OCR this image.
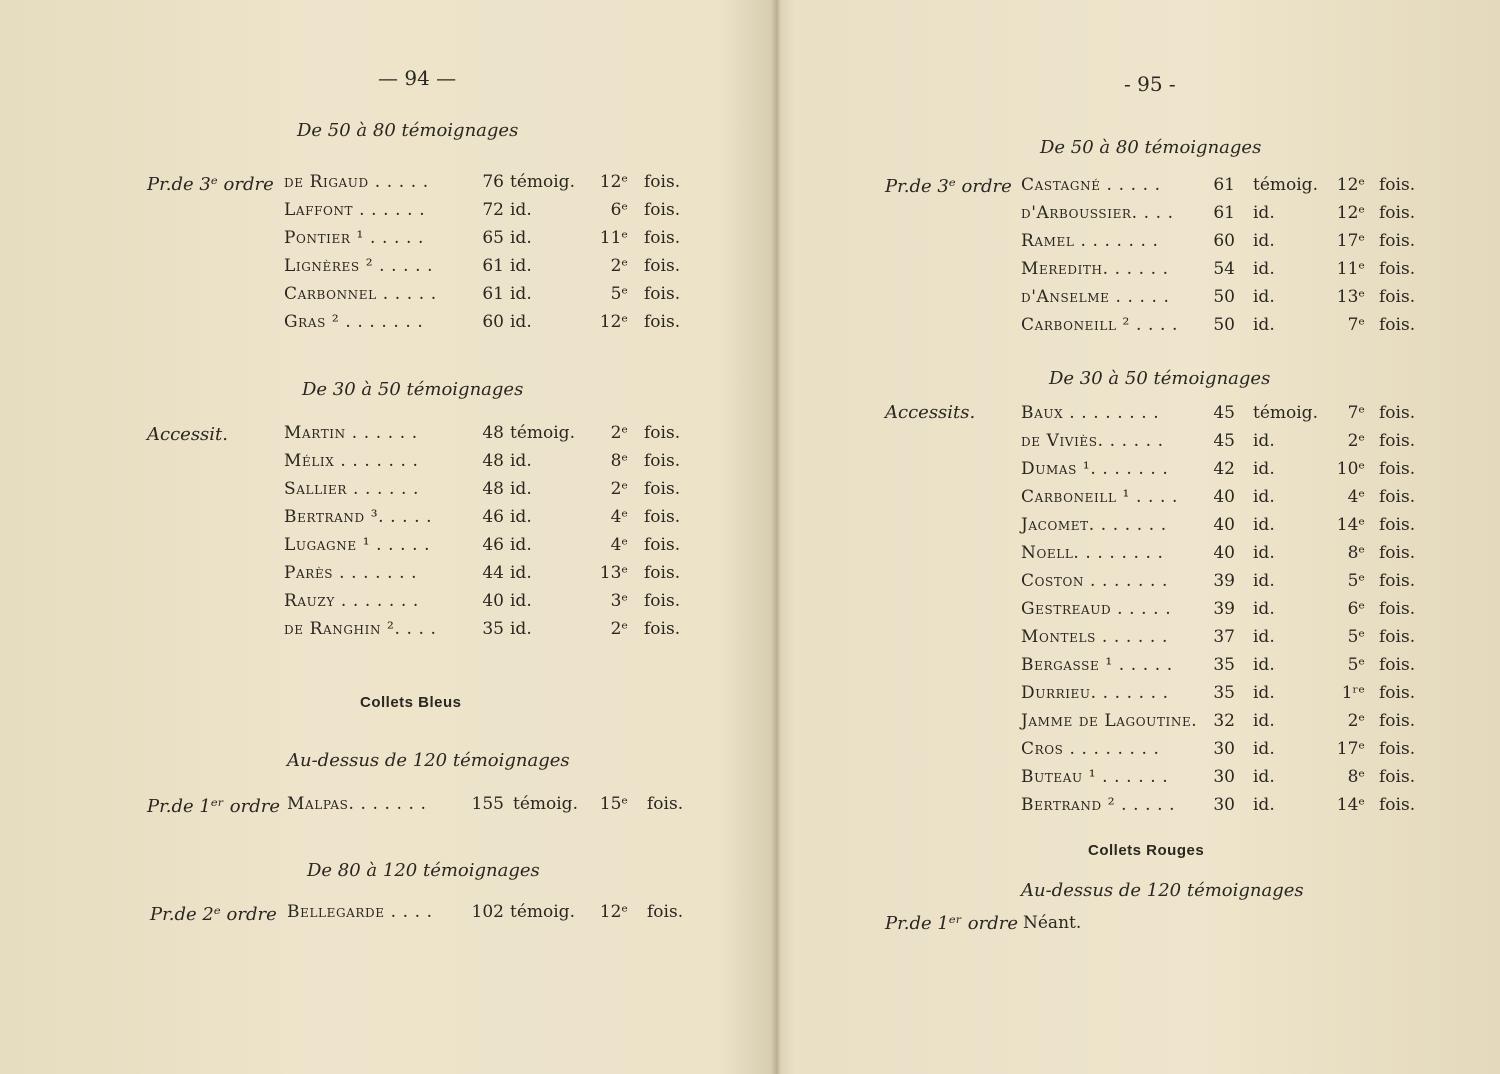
— 94 —
De 50 à 80 témoignages
Pr.de 3ᵉ ordre de Rigaud . . . . .	76 témoig.	12ᵉ fois.
Laffont . . . . . .	72 id.	6ᵉ fois.
Pontier ¹ . . . . .	65 id.	11ᵉ fois.
Lignères ² . . . . .	61 id.	2ᵉ fois.
Carbonnel . . . . .	61 id.	5ᵉ fois.
Gras ² . . . . . . .	60 id.	12ᵉ fois.
De 30 à 50 témoignages
Accessit.	Martin . . . . . .	48 témoig.	2ᵉ fois.
Mélix . . . . . . .	48 id.	8ᵉ fois.
Sallier . . . . . .	48 id.	2ᵉ fois.
Bertrand ³. . . . .	46 id.	4ᵉ fois.
Lugagne ¹ . . . . .	46 id.	4ᵉ fois.
Parès . . . . . . .	44 id.	13ᵉ fois.
Rauzy . . . . . . .	40 id.	3ᵉ fois.
de Ranghin ². . . .	35 id.	2ᵉ fois.
Collets Bleus
Au-dessus de 120 témoignages
Pr.de 1ᵉʳ ordre Malpas. . . . . . .	155 témoig.	15ᵉ fois.
De 80 à 120 témoignages
Pr.de 2ᵉ ordre Bellegarde . . . .	102 témoig.	12ᵉ fois.
- 95 -
De 50 à 80 témoignages
Pr.de 3ᵉ ordre Castagné . . . . .	61 témoig.	12ᵉ fois.
d'Arboussier. . . .	61 id.	12ᵉ fois.
Ramel . . . . . . .	60 id.	17ᵉ fois.
Meredith. . . . . .	54 id.	11ᵉ fois.
d'Anselme . . . . .	50 id.	13ᵉ fois.
Carboneill ² . . . .	50 id.	7ᵉ fois.
De 30 à 50 témoignages
Accessits.	Baux . . . . . . . .	45 témoig.	7ᵉ fois.
de Viviès. . . . . .	45 id.	2ᵉ fois.
Dumas ¹. . . . . . .	42 id.	10ᵉ fois.
Carboneill ¹ . . . .	40 id.	4ᵉ fois.
Jacomet. . . . . . .	40 id.	14ᵉ fois.
Noell. . . . . . . .	40 id.	8ᵉ fois.
Coston . . . . . . .	39 id.	5ᵉ fois.
Gestreaud . . . . .	39 id.	6ᵉ fois.
Montels . . . . . .	37 id.	5ᵉ fois.
Bergasse ¹ . . . . .	35 id.	5ᵉ fois.
Durrieu. . . . . . .	35 id.	1ʳᵉ fois.
Jamme de Lagoutine. 32 id.	2ᵉ fois.
Cros . . . . . . . .	30 id.	17ᵉ fois.
Buteau ¹ . . . . . .	30 id.	8ᵉ fois.
Bertrand ² . . . . .	30 id.	14ᵉ fois.
Collets Rouges
Au-dessus de 120 témoignages
Pr.de 1ᵉʳ ordre Néant.
